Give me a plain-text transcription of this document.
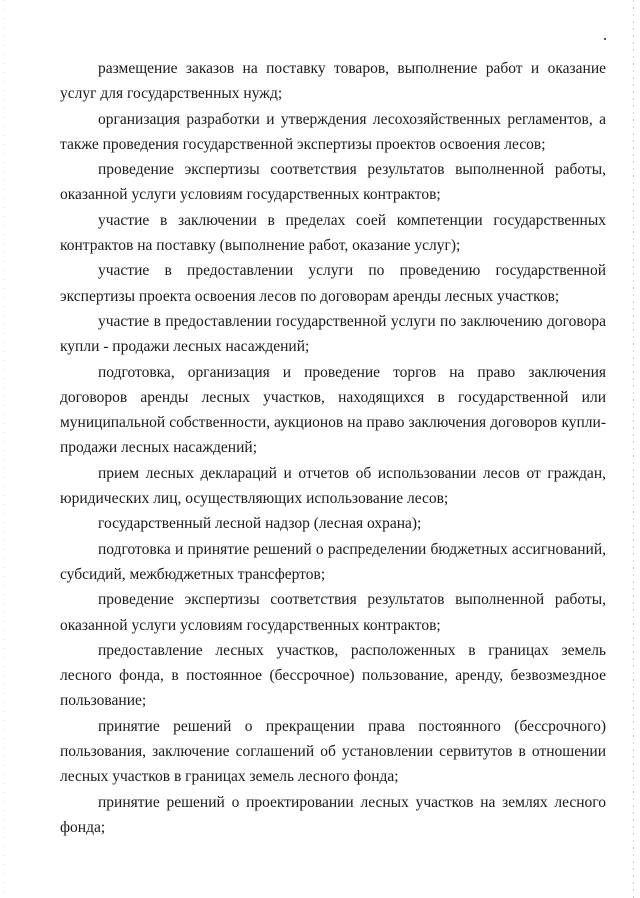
размещение заказов на поставку товаров, выполнение работ и оказание услуг для государственных нужд;

организация разработки и утверждения лесохозяйственных регламентов, а также проведения государственной экспертизы проектов освоения лесов;

проведение экспертизы соответствия результатов выполненной работы, оказанной услуги условиям государственных контрактов;

участие в заключении в пределах соей компетенции государственных контрактов на поставку (выполнение работ, оказание услуг);

участие в предоставлении услуги по проведению государственной экспертизы проекта освоения лесов по договорам аренды лесных участков;

участие в предоставлении государственной услуги по заключению договора купли - продажи лесных насаждений;

подготовка, организация и проведение торгов на право заключения договоров аренды лесных участков, находящихся в государственной или муниципальной собственности, аукционов на право заключения договоров купли-продажи лесных насаждений;

прием лесных деклараций и отчетов об использовании лесов от граждан, юридических лиц, осуществляющих использование лесов;

государственный лесной надзор (лесная охрана);

подготовка и принятие решений о распределении бюджетных ассигнований, субсидий, межбюджетных трансфертов;

проведение экспертизы соответствия результатов выполненной работы, оказанной услуги условиям государственных контрактов;

предоставление лесных участков, расположенных в границах земель лесного фонда, в постоянное (бессрочное) пользование, аренду, безвозмездное пользование;

принятие решений о прекращении права постоянного (бессрочного) пользования, заключение соглашений об установлении сервитутов в отношении лесных участков в границах земель лесного фонда;

принятие решений о проектировании лесных участков на землях лесного фонда;
